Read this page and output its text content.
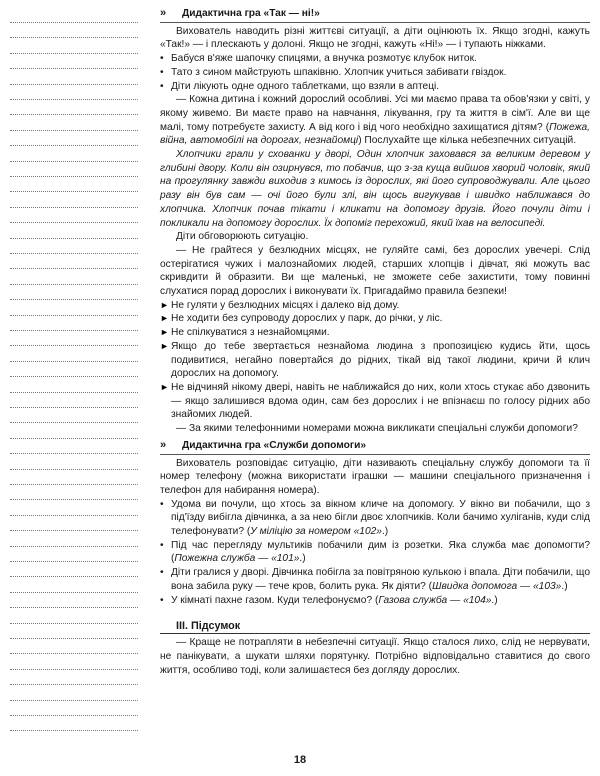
»	Дидактична гра «Так — ні!»

Вихователь наводить різні життєві ситуації, а діти оцінюють їх. Якщо згодні, кажуть «Так!» — і плескають у долоні. Якщо не згодні, кажуть «Ні!» — і тупають ніжками.

• Бабуся в'яже шапочку спицями, а внучка розмотує клубок ниток.
• Тато з сином майструють шпаківню. Хлопчик учиться забивати гвіздок.
• Діти лікують одне одного таблетками, що взяли в аптеці.

— Кожна дитина і кожний дорослий особливі. Усі ми маємо права та обов'язки у світі, у якому живемо. Ви маєте право на навчання, лікування, гру та життя в сім'ї. Але ви ще малі, тому потребуєте захисту. А від кого і від чого необхідно захищатися дітям? (Пожежа, війна, автомобілі на дорогах, незнайомці) Послухайте ще кілька небезпечних ситуацій.

Хлопчики грали у схованки у дворі, Один хлопчик заховався за великим деревом у глибині двору. Коли він озирнувся, то побачив, що з-за куща вийшов хворий чоловік, який на прогулянку завжди виходив з кимось із дорослих, які його супроводжували. Але цього разу він був сам — очі його були злі, він щось вигукував і швидко наближався до хлопчика. Хлопчик почав тікати і кликати на допомогу друзів. Його почули діти і покликали на допомогу дорослих. Їх допоміг перехожий, який їхав на велосипеді.

Діти обговорюють ситуацію.

— Не грайтеся у безлюдних місцях, не гуляйте самі, без дорослих увечері. Слід остерігатися чужих і малознайомих людей, старших хлопців і дівчат, які можуть вас скривдити й образити. Ви ще маленькі, не зможете себе захистити, тому повинні слухатися порад дорослих і виконувати їх. Пригадаймо правила безпеки!

► Не гуляти у безлюдних місцях і далеко від дому.
► Не ходити без супроводу дорослих у парк, до річки, у ліс.
► Не спілкуватися з незнайомцями.
► Якщо до тебе звертається незнайома людина з пропозицією кудись йти, щось подивитися, негайно повертайся до рідних, тікай від такої людини, кричи й клич дорослих на допомогу.
► Не відчиняй нікому двері, навіть не наближайся до них, коли хтось стукає або дзвонить — якщо залишився вдома один, сам без дорослих і не впізнаєш по голосу рідних або знайомих людей.

— За якими телефонними номерами можна викликати спеціальні служби допомоги?

»	Дидактична гра «Служби допомоги»

Вихователь розповідає ситуацію, діти називають спеціальну службу допомоги та її номер телефону (можна використати іграшки — машини спеціального призначення і телефон для набирання номера).

• Удома ви почули, що хтось за вікном кличе на допомогу. У вікно ви побачили, що з під'їзду вибігла дівчинка, а за нею бігли двоє хлопчиків. Коли бачимо хуліганів, куди слід телефонувати? (У міліцію за номером «102».)
• Під час перегляду мультиків побачили дим із розетки. Яка служба має допомогти? (Пожежна служба — «101».)
• Діти гралися у дворі. Дівчинка побігла за повітряною кулькою і впала. Діти побачили, що вона забила руку — тече кров, болить рука. Як діяти? (Швидка допомога — «103».)
• У кімнаті пахне газом. Куди телефонуємо? (Газова служба — «104».)
III. Підсумок

— Краще не потрапляти в небезпечні ситуації. Якщо сталося лихо, слід не нервувати, не панікувати, а шукати шляхи порятунку. Потрібно відповідально ставитися до свого життя, особливо тоді, коли залишаєтеся без догляду дорослих.

18
